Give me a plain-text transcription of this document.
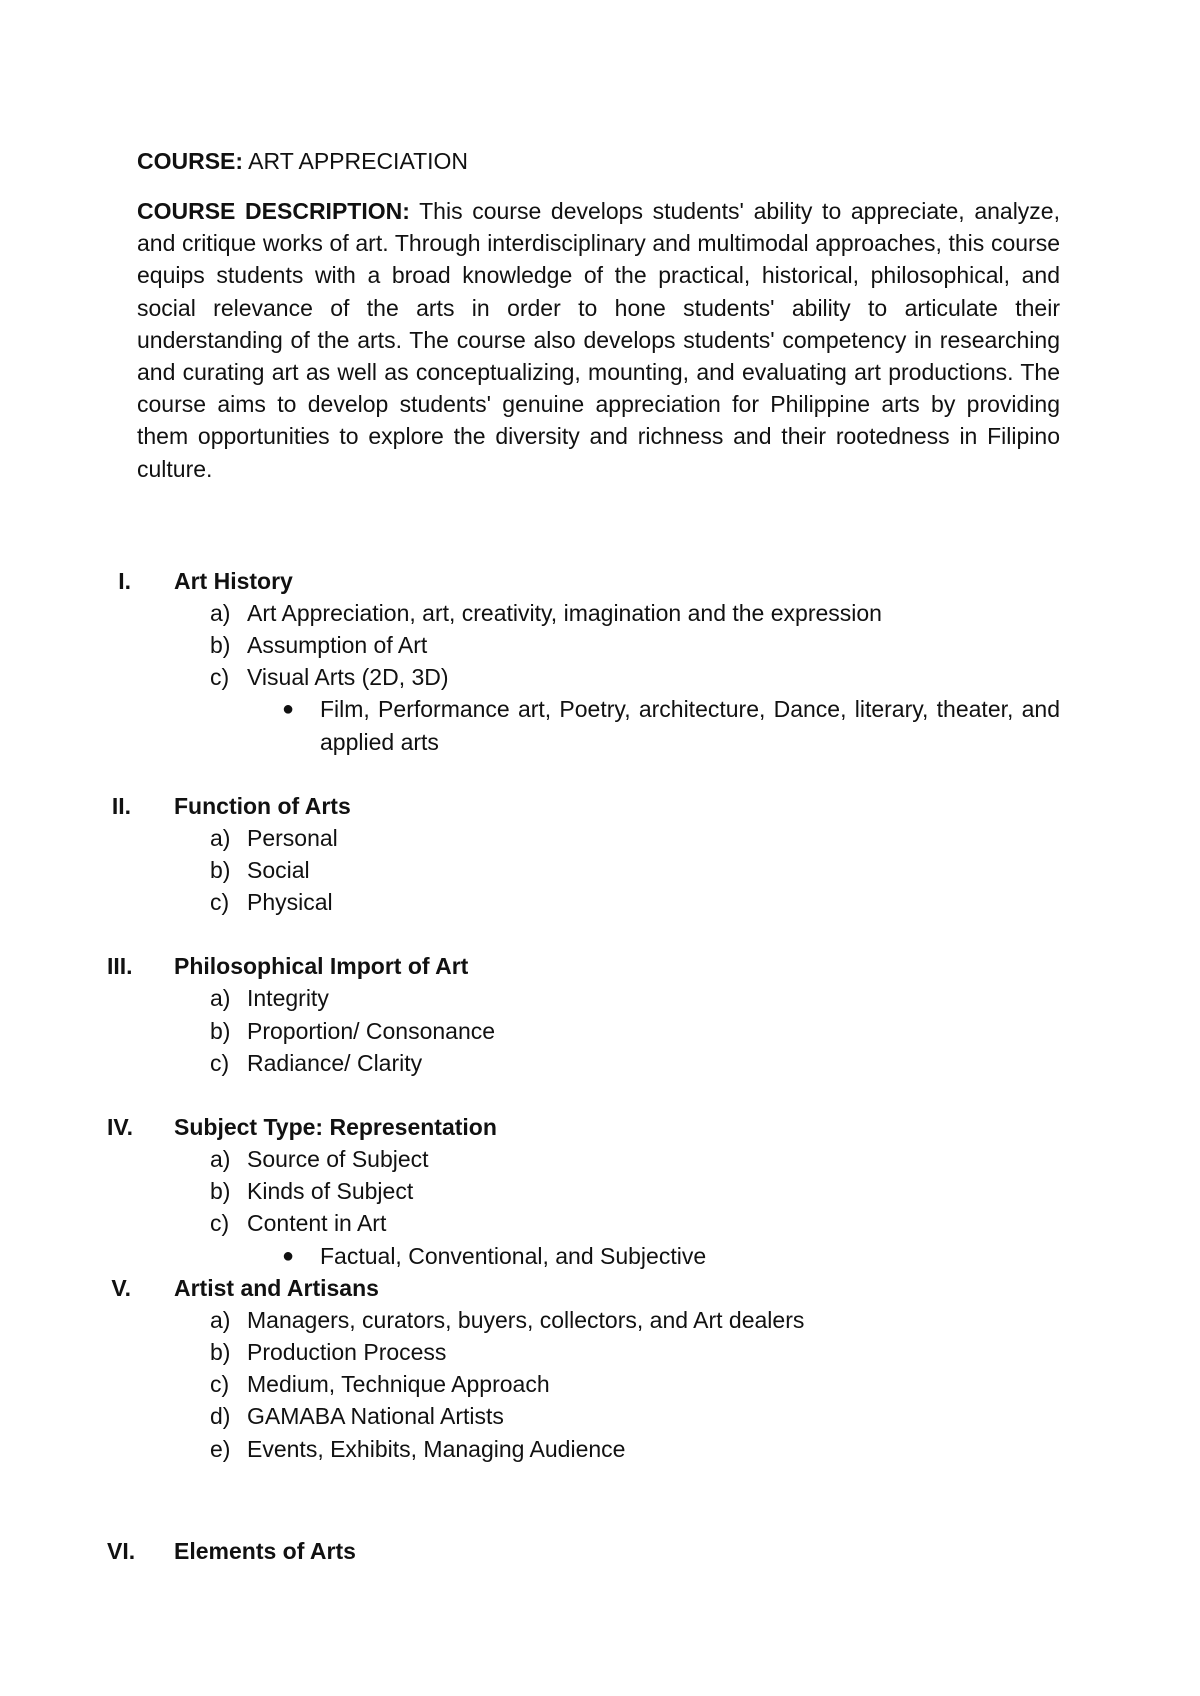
COURSE: ART APPRECIATION

COURSE DESCRIPTION: This course develops students' ability to appreciate, analyze, and critique works of art. Through interdisciplinary and multimodal approaches, this course equips students with a broad knowledge of the practical, historical, philosophical, and social relevance of the arts in order to hone students' ability to articulate their understanding of the arts. The course also develops students' competency in researching and curating art as well as conceptualizing, mounting, and evaluating art productions. The course aims to develop students' genuine appreciation for Philippine arts by providing them opportunities to explore the diversity and richness and their rootedness in Filipino culture.

I. Art History
a) Art Appreciation, art, creativity, imagination and the expression
b) Assumption of Art
c) Visual Arts (2D, 3D)
● Film, Performance art, Poetry, architecture, Dance, literary, theater, and applied arts
II. Function of Arts
a) Personal
b) Social
c) Physical
III. Philosophical Import of Art
a) Integrity
b) Proportion/ Consonance
c) Radiance/ Clarity
IV. Subject Type: Representation
a) Source of Subject
b) Kinds of Subject
c) Content in Art
● Factual, Conventional, and Subjective
V. Artist and Artisans
a) Managers, curators, buyers, collectors, and Art dealers
b) Production Process
c) Medium, Technique Approach
d) GAMABA National Artists
e) Events, Exhibits, Managing Audience
VI. Elements of Arts
